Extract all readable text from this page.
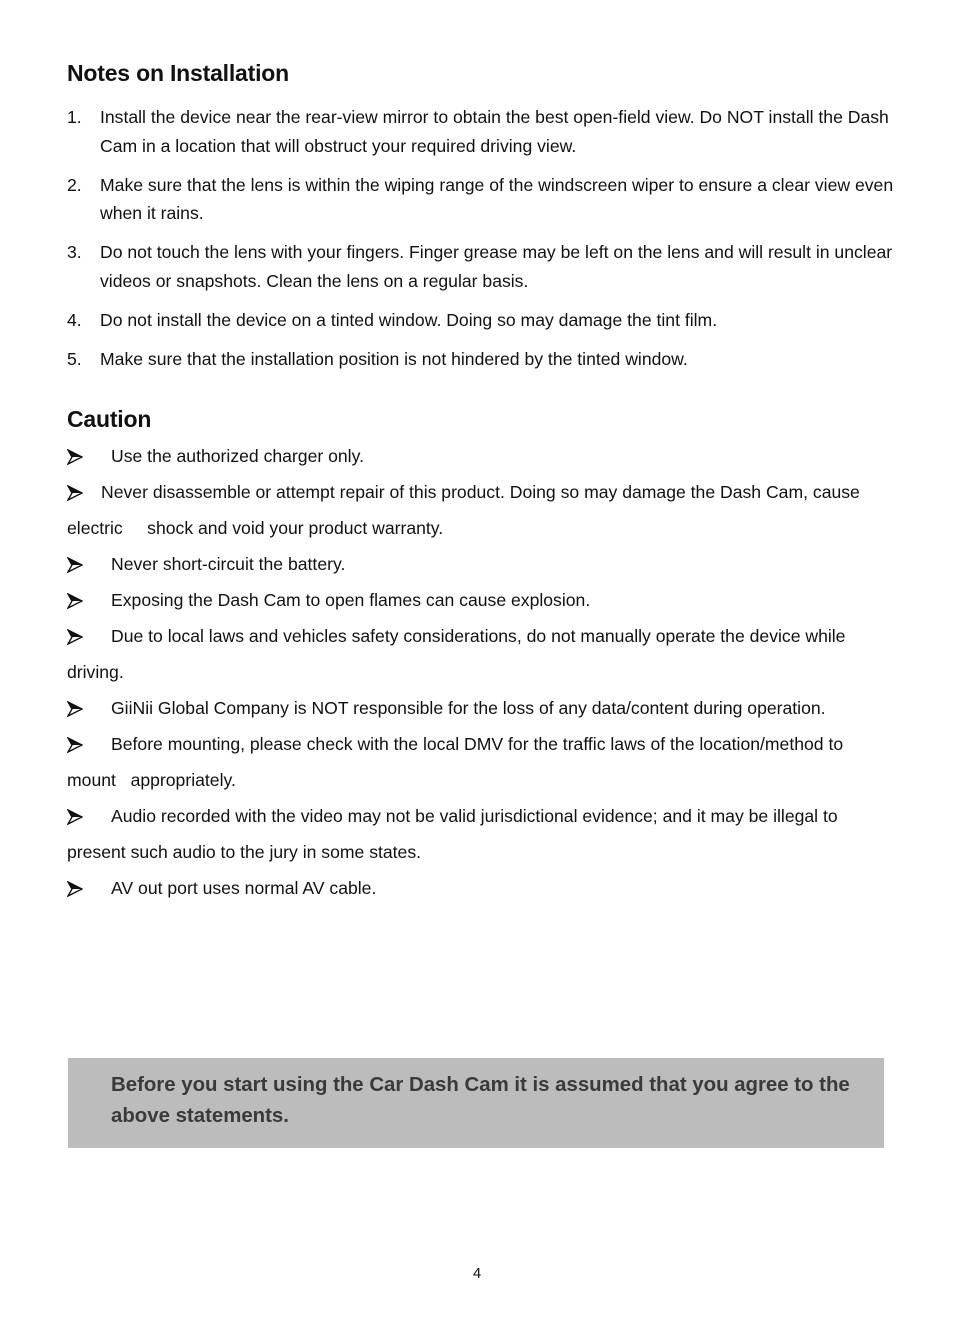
Notes on Installation
1. Install the device near the rear-view mirror to obtain the best open-field view. Do NOT install the Dash Cam in a location that will obstruct your required driving view.
2. Make sure that the lens is within the wiping range of the windscreen wiper to ensure a clear view even when it rains.
3. Do not touch the lens with your fingers. Finger grease may be left on the lens and will result in unclear videos or snapshots. Clean the lens on a regular basis.
4. Do not install the device on a tinted window. Doing so may damage the tint film.
5. Make sure that the installation position is not hindered by the tinted window.
Caution
Use the authorized charger only.
Never disassemble or attempt repair of this product. Doing so may damage the Dash Cam, cause electric     shock and void your product warranty.
Never short-circuit the battery.
Exposing the Dash Cam to open flames can cause explosion.
Due to local laws and vehicles safety considerations, do not manually operate the device while driving.
GiiNii Global Company is NOT responsible for the loss of any data/content during operation.
Before mounting, please check with the local DMV for the traffic laws of the location/method to mount   appropriately.
Audio recorded with the video may not be valid jurisdictional evidence; and it may be illegal to present such audio to the jury in some states.
AV out port uses normal AV cable.

Before you start using the Car Dash Cam it is assumed that you agree to the above statements.

4
